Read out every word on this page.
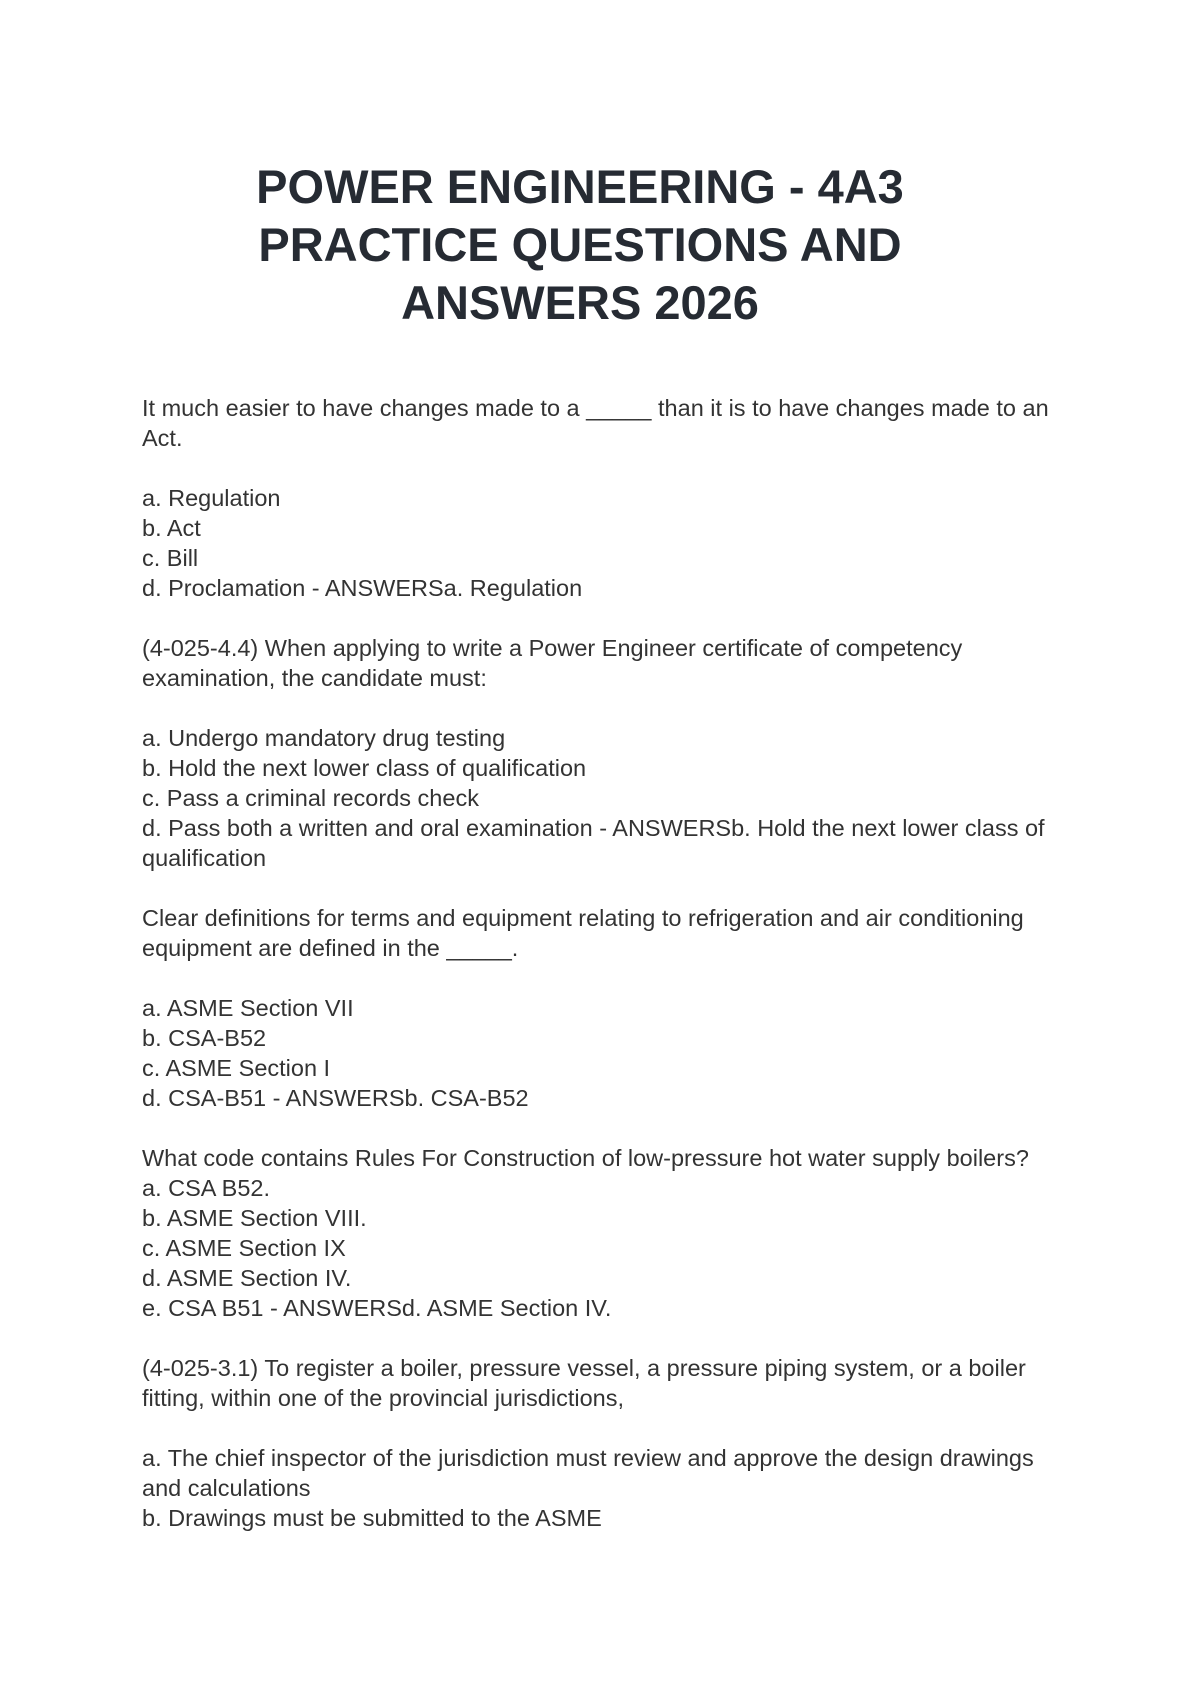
POWER ENGINEERING - 4A3
PRACTICE QUESTIONS AND
ANSWERS 2026
It much easier to have changes made to a _____ than it is to have changes made to an Act.
a. Regulation
b. Act
c. Bill
d. Proclamation - ANSWERSa. Regulation
(4-025-4.4) When applying to write a Power Engineer certificate of competency examination, the candidate must:
a. Undergo mandatory drug testing
b. Hold the next lower class of qualification
c. Pass a criminal records check
d. Pass both a written and oral examination - ANSWERSb. Hold the next lower class of qualification
Clear definitions for terms and equipment relating to refrigeration and air conditioning equipment are defined in the _____.
a. ASME Section VII
b. CSA-B52
c. ASME Section I
d. CSA-B51 - ANSWERSb. CSA-B52
What code contains Rules For Construction of low-pressure hot water supply boilers?
a. CSA B52.
b. ASME Section VIII.
c. ASME Section IX
d. ASME Section IV.
e. CSA B51 - ANSWERSd. ASME Section IV.
(4-025-3.1) To register a boiler, pressure vessel, a pressure piping system, or a boiler fitting, within one of the provincial jurisdictions,
a. The chief inspector of the jurisdiction must review and approve the design drawings and calculations
b. Drawings must be submitted to the ASME
